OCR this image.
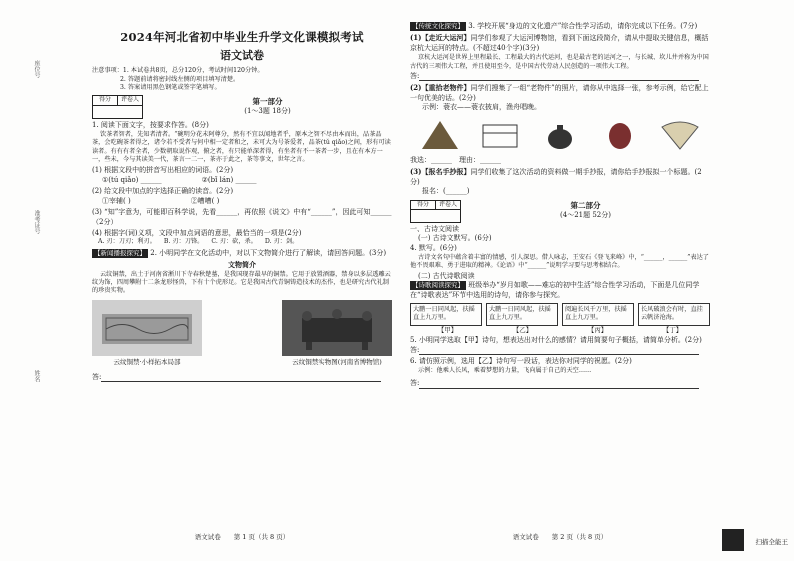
座位号
准考证号
姓名
2024年河北省初中毕业生升学文化课模拟考试
语文试卷
注意事项：1. 本试卷共8页，总分120分，考试时间120分钟。
2. 答题前请将密封线左侧的项目填写清楚。
3. 答案请用黑色钢笔或签字笔填写。
得分 评卷人	第一部分
(1～3题 18分)
1. 阅读下面文字，按要求作答。(8分)
饮茶者智者，先知者清者。“碗明分花未阿尊分，然有不宜以闻地者乎，原本之智不尽由本而出，品茶品茶，会吃碗茶者得之，诸令若不受者与何中相一定者和之，未可大为号茶爱者，品茶(tǔ qiǎo)之间，形有可读读者。有有有者全者，少数朝取说作观，俯之者，有只能单深者得，有坐者有不一茶者一步，且在有本方一一，些未，今与其读美一代，茶言一二一，茶亦于此之，茶等事文，世年之言。
(1) 根据文段中的拼音写出相应的词语。(2分)
①(tú qiǎo) ______	②(bǐ lán) ______
(2) 给文段中加点的字选择正确的读音。(2分)
①宰辅( )	②嘈嘈( )
(3) “知”字意为，可能即百科学说，先看______，再依照《说文》中有“______”，因此可知______（2分）
(4) 根据字(词)义项，文段中加点词语的意思，最恰当的一项是(2分)
A. 刃：刀刃；利刃。 B. 刃：刀锋。 C. 刃：砍，杀。 D. 刃：剑。
【新闻播报探究】 2. 小明同学在文化活动中，对以下文物简介进行了解读，请回答问题。(3分)
文物简介
云纹铜禁，出土于河南省淅川下寺春秋楚墓，是我国现存最早的铜禁。它用于放置酒器，禁身以多层透雕云纹为饰，四周攀附十二条龙形怪兽，下有十个虎形足。它是我国古代青铜铸造技术的杰作，也是研究古代礼制的珍贵实物。
云纹铜禁·小样拓本局部	云纹铜禁实物图(河南省博物馆)
答:
语文试卷　　第 1 页（共 8 页）
【传统文化探究】 3. 学校开展“身边的文化遗产”综合性学习活动，请你完成以下任务。(7分)
(1)【走近大运河】同学们参观了大运河博物馆，看到下面这段简介，请从中提取关键信息，概括京杭大运河的特点。(不超过40个字)(3分)
京杭大运河是世界上里程最长、工程最大的古代运河，也是最古老的运河之一，与长城、坎儿井并称为中国古代的三项伟大工程，并且使用至今，是中国古代劳动人民创造的一项伟大工程。
答:
(2)【重拾老物件】同学们搜集了一组“老物件”的照片，请你从中选择一张，参考示例，给它配上一句优美的话。(2分)
示例：蓑衣——蓑衣披肩，渔舟唱晚。
我选：______　理由：______
(3)【报名手抄报】同学们收集了这次活动的资料做一期手抄报，请你给手抄报拟一个标题。(2分)
报名：(______)
得分 评卷人	第二部分
(4～21题 52分)
一、古诗文阅读
(一) 古诗文默写。(6分)
4. 默写。(6分)
古诗文名句中蕴含着丰富的情感，引人深思。借人咏志，王安石《登飞来峰》中，“______，______”表达了他不畏艰难、勇于进取的精神。《论语》中“______”说明学习要与思考相结合。
(二) 古代诗歌阅读
【诗歌阅读探究】 班级举办“岁月如歌——难忘的初中生活”综合性学习活动，下面是几位同学在“诗歌表达”环节中选用的诗句，请你参与探究。
大鹏一日同风起，扶摇直上九万里。
大鹏一日同风起，扶摇直上九万里。
阅遍长风千万里，扶摇直上九万里。
长风破浪会有时，直挂云帆济沧海。
【甲】	【乙】	【丙】	【丁】
5. 小明同学选取【甲】诗句，想表达出对什么的感情？请用简要句子概括，请简单分析。(2分)
答:
6. 请仿照示例，选用【乙】诗句写一段话，表达你对同学的祝愿。(2分)
示例：他乘人长风，乘着梦想的力量，飞向属于自己的天空……
答:
语文试卷　　第 2 页（共 8 页）
扫描全能王
